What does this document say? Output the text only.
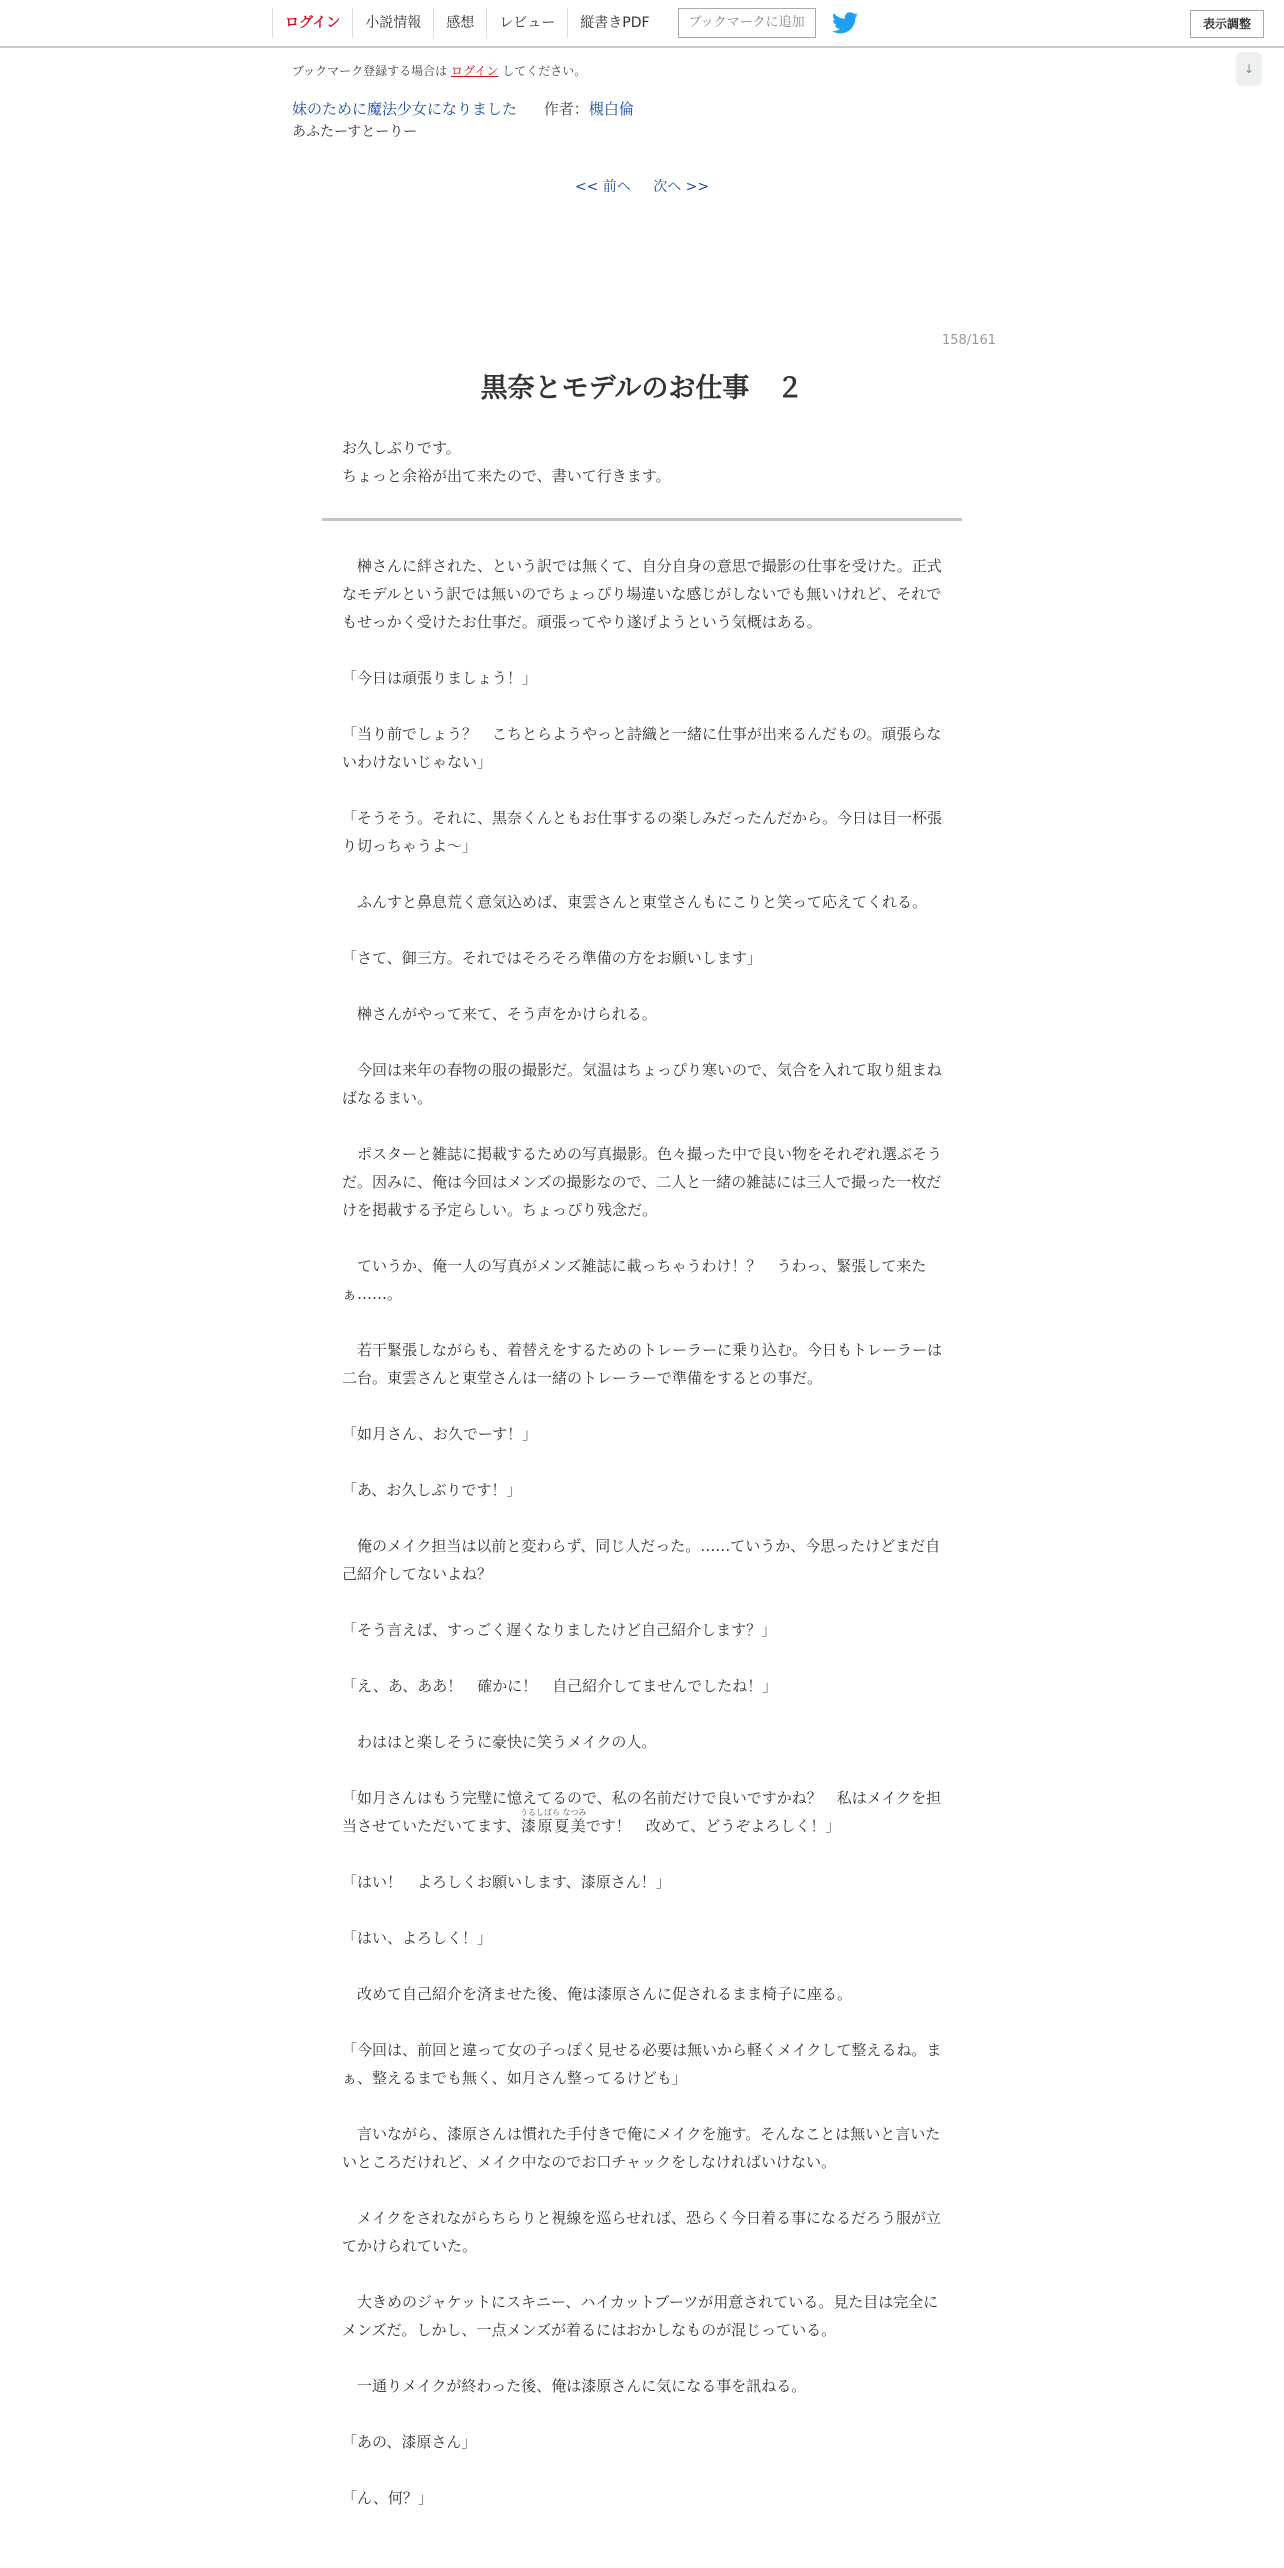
ログイン	小説情報	感想	レビュー	縦書きPDF	ブックマークに追加	表示調整
↓
ブックマーク登録する場合は ログイン してください。
妹のために魔法少女になりました 作者：槻白倫
あふたーすとーりー
<< 前へ 次へ >>
158/161
黒奈とモデルのお仕事　２
お久しぶりです。
ちょっと余裕が出て来たので、書いて行きます。

　榊さんに絆された、という訳では無くて、自分自身の意思で撮影の仕事を受けた。正式なモデルという訳では無いのでちょっぴり場違いな感じがしないでも無いけれど、それでもせっかく受けたお仕事だ。頑張ってやり遂げようという気概はある。

「今日は頑張りましょう！」

「当り前でしょう？　こちとらようやっと詩織と一緒に仕事が出来るんだもの。頑張らないわけないじゃない」

「そうそう。それに、黒奈くんともお仕事するの楽しみだったんだから。今日は目一杯張り切っちゃうよ～」

　ふんすと鼻息荒く意気込めば、東雲さんと東堂さんもにこりと笑って応えてくれる。

「さて、御三方。それではそろそろ準備の方をお願いします」

　榊さんがやって来て、そう声をかけられる。

　今回は来年の春物の服の撮影だ。気温はちょっぴり寒いので、気合を入れて取り組まねばなるまい。

　ポスターと雑誌に掲載するための写真撮影。色々撮った中で良い物をそれぞれ選ぶそうだ。因みに、俺は今回はメンズの撮影なので、二人と一緒の雑誌には三人で撮った一枚だけを掲載する予定らしい。ちょっぴり残念だ。

　ていうか、俺一人の写真がメンズ雑誌に載っちゃうわけ！？　うわっ、緊張して来たぁ……。

　若干緊張しながらも、着替えをするためのトレーラーに乗り込む。今日もトレーラーは二台。東雲さんと東堂さんは一緒のトレーラーで準備をするとの事だ。

「如月さん、お久でーす！」

「あ、お久しぶりです！」

　俺のメイク担当は以前と変わらず、同じ人だった。……ていうか、今思ったけどまだ自己紹介してないよね？

「そう言えば、すっごく遅くなりましたけど自己紹介します？」

「え、あ、ああ！　確かに！　自己紹介してませんでしたね！」

　わははと楽しそうに豪快に笑うメイクの人。

「如月さんはもう完璧に憶えてるので、私の名前だけで良いですかね？　私はメイクを担当させていただいてます、漆原夏美うるしばら なつみです！　改めて、どうぞよろしく！」

「はい！　よろしくお願いします、漆原さん！」

「はい、よろしく！」

　改めて自己紹介を済ませた後、俺は漆原さんに促されるまま椅子に座る。

「今回は、前回と違って女の子っぽく見せる必要は無いから軽くメイクして整えるね。まぁ、整えるまでも無く、如月さん整ってるけども」

　言いながら、漆原さんは慣れた手付きで俺にメイクを施す。そんなことは無いと言いたいところだけれど、メイク中なのでお口チャックをしなければいけない。

　メイクをされながらちらりと視線を巡らせれば、恐らく今日着る事になるだろう服が立てかけられていた。

　大きめのジャケットにスキニー、ハイカットブーツが用意されている。見た目は完全にメンズだ。しかし、一点メンズが着るにはおかしなものが混じっている。

　一通りメイクが終わった後、俺は漆原さんに気になる事を訊ねる。

「あの、漆原さん」

「ん、何？」
